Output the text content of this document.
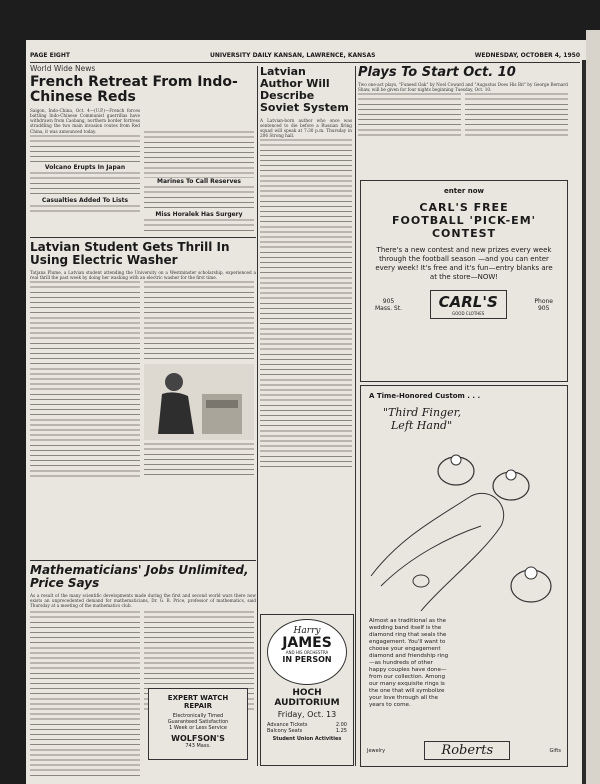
PAGE EIGHT	UNIVERSITY DAILY KANSAN, LAWRENCE, KANSAS	WEDNESDAY, OCTOBER 4, 1950
World Wide News
French Retreat From Indo-Chinese Reds
Saigon, Indo-China, Oct. 4—(U.P.)—French forces battling Indo-Chinese Communist guerrillas have withdrawn from Caobang, northern border fortress straddling the two main invasion routes from Red China, it was announced today.
Volcano Erupts In Japan
Casualties Added To Lists
Marines To Call Reserves
Miss Horalek Has Surgery
Latvian Student Gets Thrill In Using Electric Washer
Tatjana Plume, a Latvian student attending the University on a Westminster scholarship, experienced a real thrill the past week by doing her washing with an electric washer for the first time.
Mathematicians' Jobs Unlimited, Price Says
As a result of the many scientific developments made during the first and second world wars there now exists an unprecedented demand for mathematicians, Dr. G. B. Price, professor of mathematics, said Thursday at a meeting of the mathematics club.
EXPERT WATCH
REPAIR
Electronically Timed
Guaranteed Satisfaction
1 Week or Less Service
WOLFSON'S
743 Mass.
Latvian Author Will Describe Soviet System
A Latvian-born author who once was sentenced to die before a Russian firing squad will speak at 7:30 p.m. Thursday in 206 Strong hall.
Harry
JAMES
AND HIS ORCHESTRA
IN PERSON
HOCH
AUDITORIUM
Friday, Oct. 13
Advance Tickets	2.00
Balcony Seats	1.25
Student Union Activities
Plays To Start Oct. 10
Two one-act plays, "Funeed Oak" by Noel Coward and "Augustus Does His Bit" by George Bernard Shaw, will be given for four nights beginning Tuesday, Oct. 10.
enter now
CARL'S FREE
FOOTBALL 'PICK-EM'
CONTEST
There's a new contest and new prizes every week through the football season —and you can enter every week! It's free and it's fun—entry blanks are at the store—NOW!
905
Mass. St. CARL'S
GOOD CLOTHES
Phone
905
A Time-Honored Custom . . .
"Third Finger,
Left Hand"
Almost as traditional as the wedding band itself is the diamond ring that seals the engagement. You'll want to choose your engagement diamond and friendship ring—as hundreds of other happy couples have done—from our collection. Among our many exquisite rings is the one that will symbolize your love through all the years to come.
Jewelry	Roberts	Gifts
